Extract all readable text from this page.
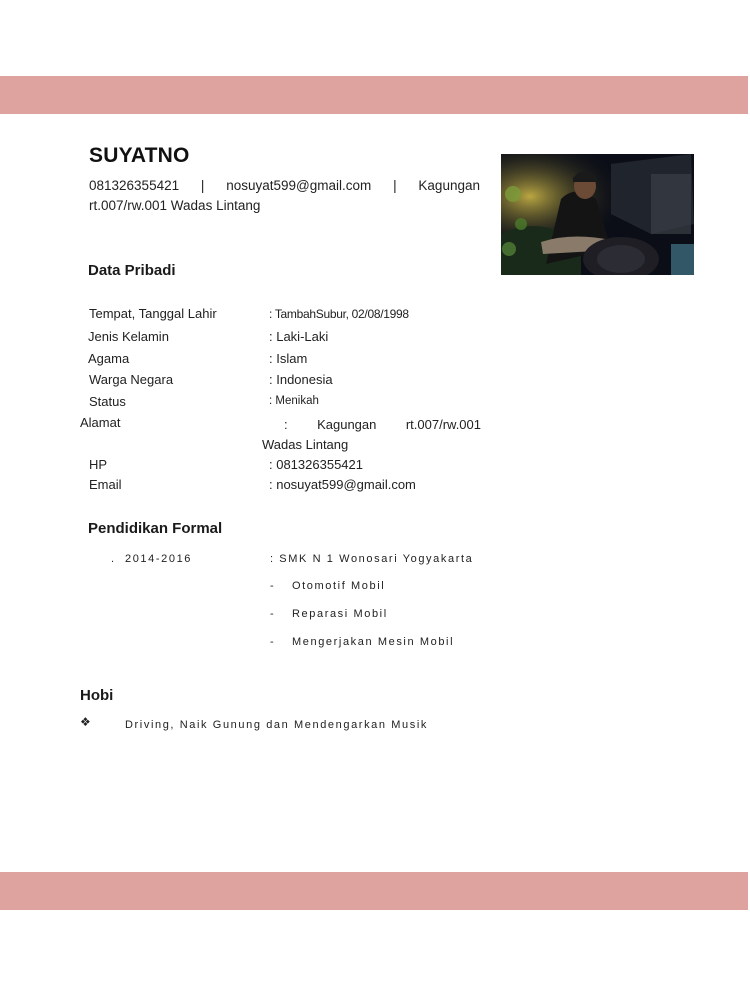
SUYATNO
081326355421 | nosuyat599@gmail.com | Kagungan
rt.007/rw.001 Wadas Lintang
Data Pribadi
Tempat, Tanggal Lahir	: TambahSubur, 02/08/1998
Jenis Kelamin	: Laki-Laki
Agama	: Islam
Warga Negara	: Indonesia
Status	: Menikah
Alamat	: Kagungan rt.007/rw.001
Wadas Lintang
HP	: 081326355421
Email	: nosuyat599@gmail.com
Pendidikan Formal
. 2014-2016	: SMK N 1 Wonosari Yogyakarta
- Otomotif Mobil
- Reparasi Mobil
- Mengerjakan Mesin Mobil
Hobi
❖	Driving, Naik Gunung dan Mendengarkan Musik
